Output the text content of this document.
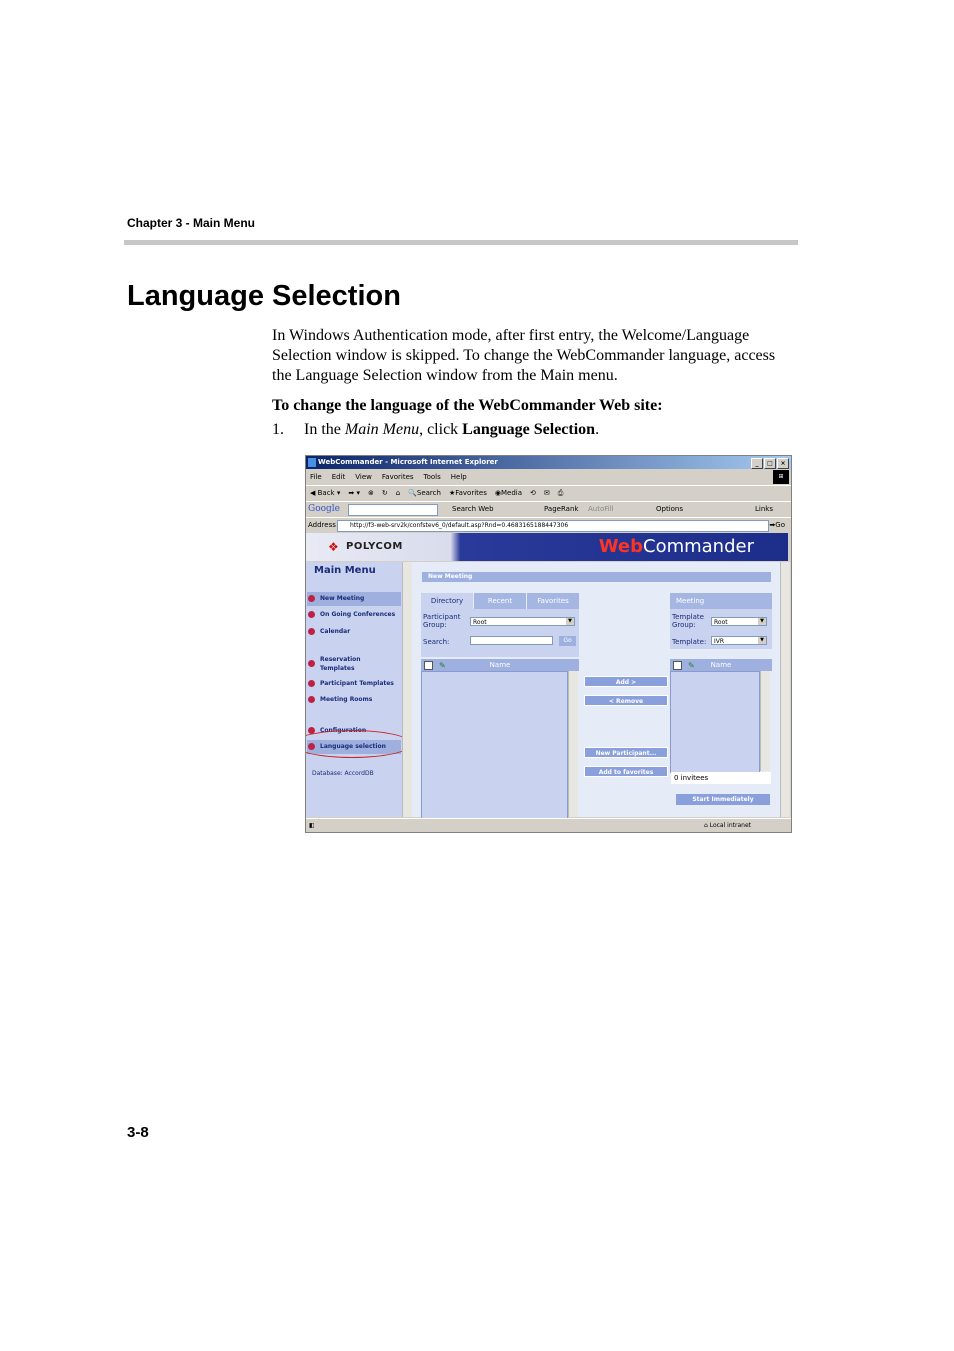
Chapter 3 - Main Menu
Language Selection

In Windows Authentication mode, after first entry, the Welcome/Language Selection window is skipped. To change the WebCommander language, access the Language Selection window from the Main menu.

To change the language of the WebCommander Web site:
1. In the Main Menu, click Language Selection.
WebCommander - Microsoft Internet Explorer	_	□	×
File Edit View Favorites Tools Help	⊞
◀ Back ▾ ➡ ▾ ⊗ ↻ ⌂ 🔍Search ★Favorites ◉Media ⟲ ✉ ⎙
Google	Search Web	PageRank AutoFill	Options	Links
Address	http://f3-web-srv2k/confstev6_0/default.asp?Rnd=0.4683165188447306	➡Go
❖ POLYCOM	WebCommander
Main Menu
New Meeting
On Going Conferences
Calendar
Reservation
Templates
Participant Templates
Meeting Rooms
Configuration
Language selection
Database: AccordDB
New Meeting
Directory	Recent	Favorites
Participant
Group:	Root	▼
Search:	Go
✎	Name
Add >
< Remove
New Participant...
Add to favorites
Meeting
Template
Group:	Root	▼
Template:	IVR	▼
✎	Name
0 invitees
Start Immediately
◧	⌂ Local intranet
3-8
